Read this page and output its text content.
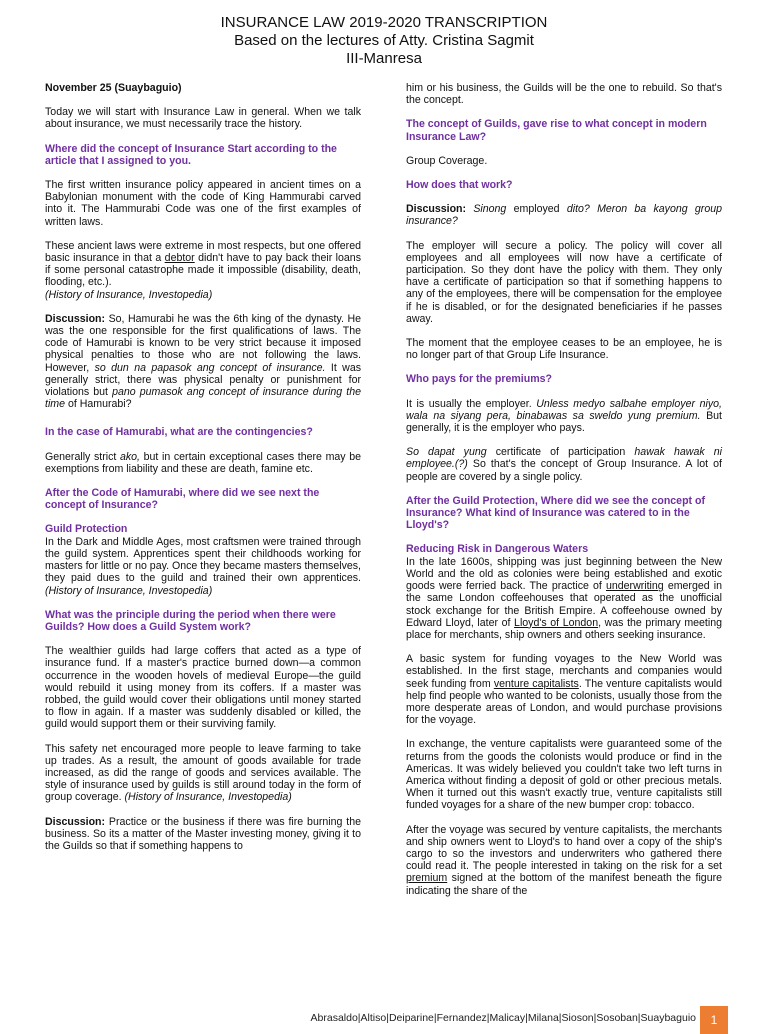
INSURANCE LAW 2019-2020 TRANSCRIPTION
Based on the lectures of Atty. Cristina Sagmit
III-Manresa

November 25 (Suaybaguio)

Today we will start with Insurance Law in general. When we talk about insurance, we must necessarily trace the history.

Where did the concept of Insurance Start according to the article that I assigned to you.

The first written insurance policy appeared in ancient times on a Babylonian monument with the code of King Hammurabi carved into it. The Hammurabi Code was one of the first examples of written laws.

These ancient laws were extreme in most respects, but one offered basic insurance in that a debtor didn't have to pay back their loans if some personal catastrophe made it impossible (disability, death, flooding, etc.).
(History of Insurance, Investopedia)

Discussion: So, Hamurabi he was the 6th king of the dynasty. He was the one responsible for the first qualifications of laws. The code of Hamurabi is known to be very strict because it imposed physical penalties to those who are not following the laws. However, so dun na papasok ang concept of insurance. It was generally strict, there was physical penalty or punishment for violations but pano pumasok ang concept of insurance during the time of Hamurabi?

In the case of Hamurabi, what are the contingencies?

Generally strict ako, but in certain exceptional cases there may be exemptions from liability and these are death, famine etc.

After the Code of Hamurabi, where did we see next the concept of Insurance?

Guild Protection

In the Dark and Middle Ages, most craftsmen were trained through the guild system. Apprentices spent their childhoods working for masters for little or no pay. Once they became masters themselves, they paid dues to the guild and trained their own apprentices. (History of Insurance, Investopedia)

What was the principle during the period when there were Guilds? How does a Guild System work?

The wealthier guilds had large coffers that acted as a type of insurance fund. If a master's practice burned down—a common occurrence in the wooden hovels of medieval Europe—the guild would rebuild it using money from its coffers. If a master was robbed, the guild would cover their obligations until money started to flow in again. If a master was suddenly disabled or killed, the guild would support them or their surviving family.

This safety net encouraged more people to leave farming to take up trades. As a result, the amount of goods available for trade increased, as did the range of goods and services available. The style of insurance used by guilds is still around today in the form of group coverage. (History of Insurance, Investopedia)

Discussion: Practice or the business if there was fire burning the business. So its a matter of the Master investing money, giving it to the Guilds so that if something happens to

him or his business, the Guilds will be the one to rebuild. So that's the concept.

The concept of Guilds, gave rise to what concept in modern Insurance Law?

Group Coverage.

How does that work?

Discussion: Sinong employed dito? Meron ba kayong group insurance?

The employer will secure a policy. The policy will cover all employees and all employees will now have a certificate of participation. So they dont have the policy with them. They only have a certificate of participation so that if something happens to any of the employees, there will be compensation for the employee if he is disabled, or for the designated beneficiaries if he passes away.

The moment that the employee ceases to be an employee, he is no longer part of that Group Life Insurance.

Who pays for the premiums?

It is usually the employer. Unless medyo salbahe employer niyo, wala na siyang pera, binabawas sa sweldo yung premium. But generally, it is the employer who pays.

So dapat yung certificate of participation hawak hawak ni employee.(?) So that's the concept of Group Insurance. A lot of people are covered by a single policy.

After the Guild Protection, Where did we see the concept of Insurance? What kind of Insurance was catered to in the Lloyd's?

Reducing Risk in Dangerous Waters

In the late 1600s, shipping was just beginning between the New World and the old as colonies were being established and exotic goods were ferried back. The practice of underwriting emerged in the same London coffeehouses that operated as the unofficial stock exchange for the British Empire. A coffeehouse owned by Edward Lloyd, later of Lloyd's of London, was the primary meeting place for merchants, ship owners and others seeking insurance.

A basic system for funding voyages to the New World was established. In the first stage, merchants and companies would seek funding from venture capitalists. The venture capitalists would help find people who wanted to be colonists, usually those from the more desperate areas of London, and would purchase provisions for the voyage.

In exchange, the venture capitalists were guaranteed some of the returns from the goods the colonists would produce or find in the Americas. It was widely believed you couldn't take two left turns in America without finding a deposit of gold or other precious metals. When it turned out this wasn't exactly true, venture capitalists still funded voyages for a share of the new bumper crop: tobacco.

After the voyage was secured by venture capitalists, the merchants and ship owners went to Lloyd's to hand over a copy of the ship's cargo to so the investors and underwriters who gathered there could read it. The people interested in taking on the risk for a set premium signed at the bottom of the manifest beneath the figure indicating the share of the

Abrasaldo|Altiso|Deiparine|Fernandez|Malicay|Milana|Sioson|Sosoban|Suaybaguio	1
